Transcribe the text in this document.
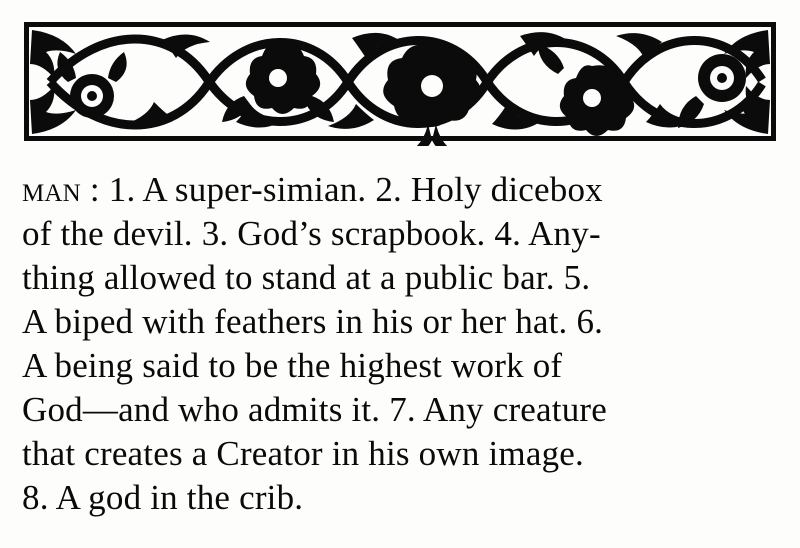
man : 1. A super-simian. 2. Holy dicebox

of the devil. 3. God’s scrapbook. 4. Any-

thing allowed to stand at a public bar. 5.

A biped with feathers in his or her hat. 6.

A being said to be the highest work of

God—and who admits it. 7. Any creature

that creates a Creator in his own image.

8. A god in the crib.
